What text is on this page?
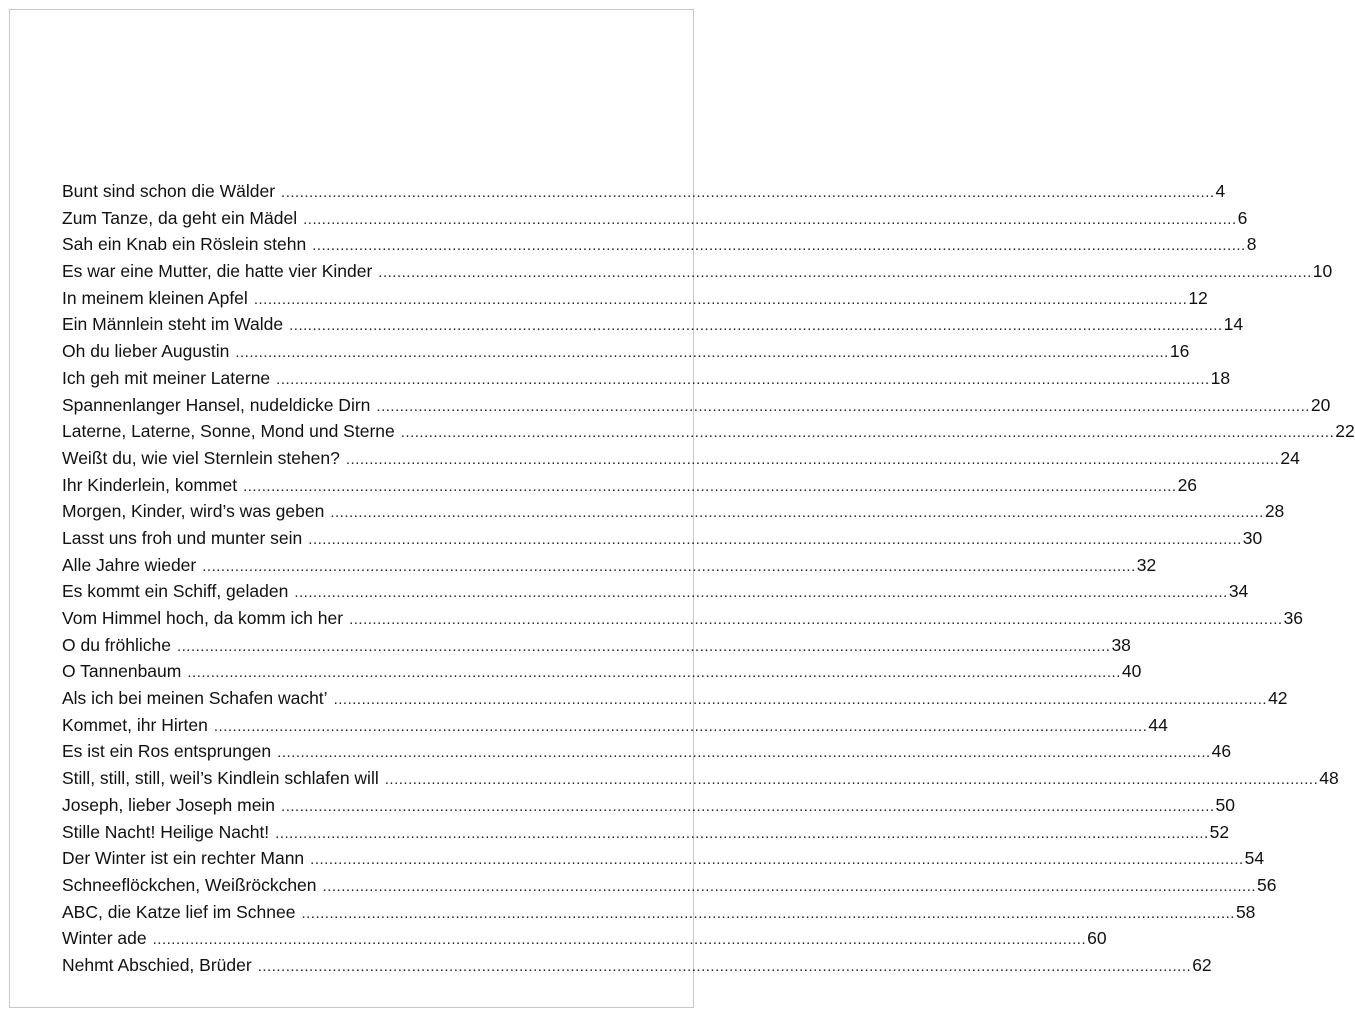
Bunt sind schon die Wälder ........................................................................................................................................................................................................ 4
Zum Tanze, da geht ein Mädel ........................................................................................................................................................................................................ 6
Sah ein Knab ein Röslein stehn ........................................................................................................................................................................................................ 8
Es war eine Mutter, die hatte vier Kinder ........................................................................................................................................................................................................ 10
In meinem kleinen Apfel ........................................................................................................................................................................................................ 12
Ein Männlein steht im Walde ........................................................................................................................................................................................................ 14
Oh du lieber Augustin ........................................................................................................................................................................................................ 16
Ich geh mit meiner Laterne ........................................................................................................................................................................................................ 18
Spannenlanger Hansel, nudeldicke Dirn ........................................................................................................................................................................................................ 20
Laterne, Laterne, Sonne, Mond und Sterne ........................................................................................................................................................................................................ 22
Weißt du, wie viel Sternlein stehen? ........................................................................................................................................................................................................ 24
Ihr Kinderlein, kommet ........................................................................................................................................................................................................ 26
Morgen, Kinder, wird’s was geben ........................................................................................................................................................................................................ 28
Lasst uns froh und munter sein ........................................................................................................................................................................................................ 30
Alle Jahre wieder ........................................................................................................................................................................................................ 32
Es kommt ein Schiff, geladen ........................................................................................................................................................................................................ 34
Vom Himmel hoch, da komm ich her ........................................................................................................................................................................................................ 36
O du fröhliche ........................................................................................................................................................................................................ 38
O Tannenbaum ........................................................................................................................................................................................................ 40
Als ich bei meinen Schafen wacht’ ........................................................................................................................................................................................................ 42
Kommet, ihr Hirten ........................................................................................................................................................................................................ 44
Es ist ein Ros entsprungen ........................................................................................................................................................................................................ 46
Still, still, still, weil’s Kindlein schlafen will ........................................................................................................................................................................................................ 48
Joseph, lieber Joseph mein ........................................................................................................................................................................................................ 50
Stille Nacht! Heilige Nacht! ........................................................................................................................................................................................................ 52
Der Winter ist ein rechter Mann ........................................................................................................................................................................................................ 54
Schneeflöckchen, Weißröckchen ........................................................................................................................................................................................................ 56
ABC, die Katze lief im Schnee ........................................................................................................................................................................................................ 58
Winter ade ........................................................................................................................................................................................................ 60
Nehmt Abschied, Brüder ........................................................................................................................................................................................................ 62
